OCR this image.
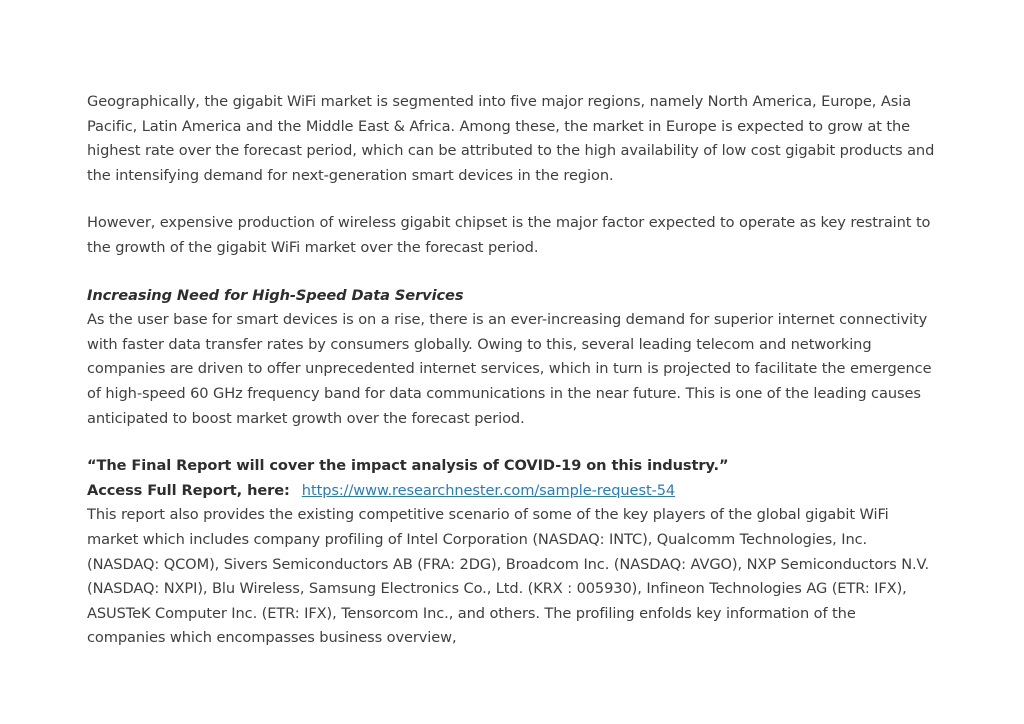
Geographically, the gigabit WiFi market is segmented into five major regions, namely North America, Europe, Asia Pacific, Latin America and the Middle East & Africa. Among these, the market in Europe is expected to grow at the highest rate over the forecast period, which can be attributed to the high availability of low cost gigabit products and the intensifying demand for next-generation smart devices in the region.

However, expensive production of wireless gigabit chipset is the major factor expected to operate as key restraint to the growth of the gigabit WiFi market over the forecast period.

Increasing Need for High-Speed Data Services
As the user base for smart devices is on a rise, there is an ever-increasing demand for superior internet connectivity with faster data transfer rates by consumers globally. Owing to this, several leading telecom and networking companies are driven to offer unprecedented internet services, which in turn is projected to facilitate the emergence of high-speed 60 GHz frequency band for data communications in the near future. This is one of the leading causes anticipated to boost market growth over the forecast period.
“The Final Report will cover the impact analysis of COVID-19 on this industry.”
Access Full Report, here: https://www.researchnester.com/sample-request-54
This report also provides the existing competitive scenario of some of the key players of the global gigabit WiFi market which includes company profiling of Intel Corporation (NASDAQ: INTC), Qualcomm Technologies, Inc. (NASDAQ: QCOM), Sivers Semiconductors AB (FRA: 2DG), Broadcom Inc. (NASDAQ: AVGO), NXP Semiconductors N.V. (NASDAQ: NXPI), Blu Wireless, Samsung Electronics Co., Ltd. (KRX : 005930), Infineon Technologies AG (ETR: IFX), ASUSTeK Computer Inc. (ETR: IFX), Tensorcom Inc., and others. The profiling enfolds key information of the companies which encompasses business overview,
